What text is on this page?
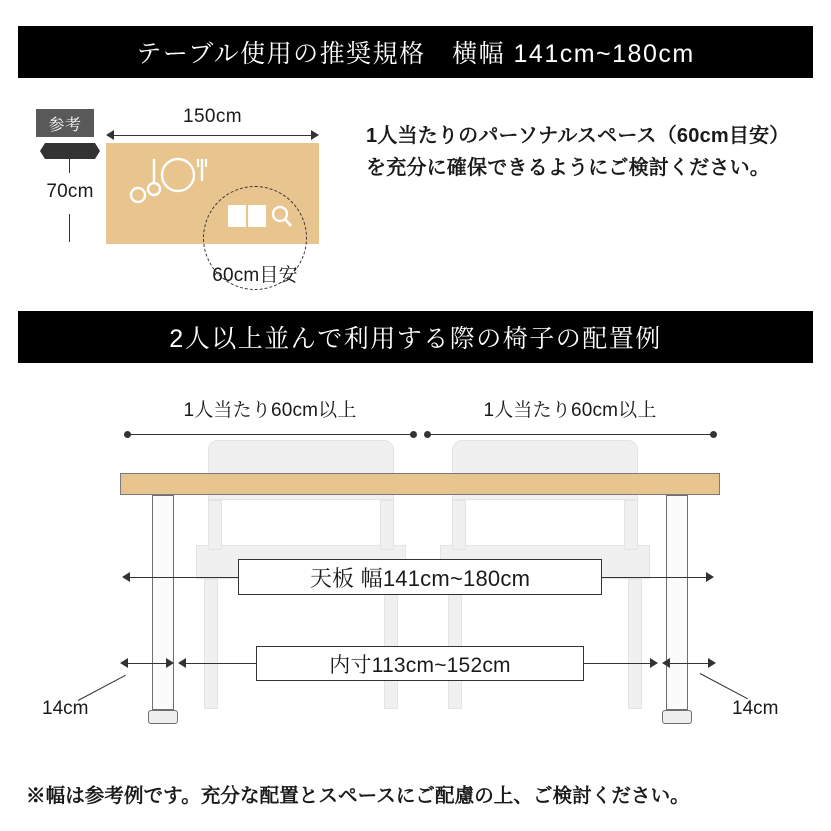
テーブル使用の推奨規格　横幅 141cm~180cm
参考	150cm
70cm
60cm目安
1人当たりのパーソナルスペース（60cm目安）を充分に確保できるようにご検討ください。
2人以上並んで利用する際の椅子の配置例
1人当たり60cm以上	1人当たり60cm以上
天板 幅141cm~180cm
内寸113cm~152cm
14cm	14cm
※幅は参考例です。充分な配置とスペースにご配慮の上、ご検討ください。
